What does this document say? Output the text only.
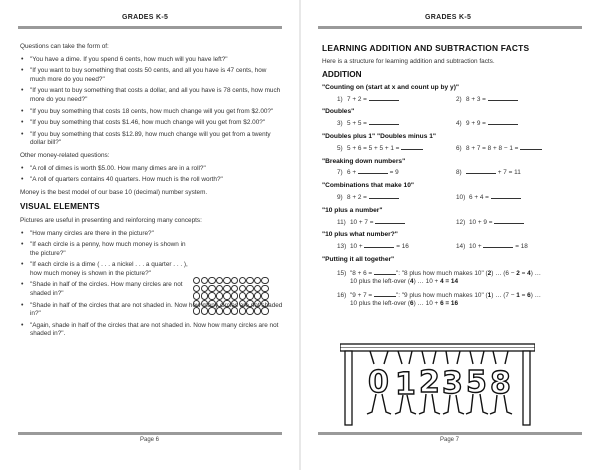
GRADES K-5

Questions can take the form of:

• "You have a dime. If you spend 6 cents, how much will you have left?"
• "If you want to buy something that costs 50 cents, and all you have is 47 cents, how much more do you need?"
• "If you want to buy something that costs a dollar, and all you have is 78 cents, how much more do you need?"
• "If you buy something that costs 18 cents, how much change will you get from $2.00?"
• "If you buy something that costs $1.46, how much change will you get from $2.00?"
• "If you buy something that costs $12.89, how much change will you get from a twenty dollar bill?"

Other money-related questions:

• "A roll of dimes is worth $5.00. How many dimes are in a roll?"
• "A roll of quarters contains 40 quarters. How much is the roll worth?"

Money is the best model of our base 10 (decimal) number system.

VISUAL ELEMENTS

Pictures are useful in presenting and reinforcing many concepts:

• "How many circles are there in the picture?"
• "If each circle is a penny, how much money is shown in the picture?"
• "If each circle is a dime ( . . . a nickel . . . a quarter . . . ), how much money is shown in the picture?"
• "Shade in half of the circles. How many circles are not shaded in?"
• "Shade in half of the circles that are not shaded in. Now how many circles are not shaded in?"
• "Again, shade in half of the circles that are not shaded in. Now how many circles are not shaded in?".
Page 6
GRADES K-5
Page 7
LEARNING ADDITION AND SUBTRACTION FACTS
Here is a structure for learning addition and subtraction facts.
ADDITION
"Counting on (start at x and count up by y)"
1) 7 + 2 =	2) 8 + 3 =
"Doubles"
3) 5 + 5 =	4) 9 + 9 =
"Doubles plus 1" "Doubles minus 1"
5) 5 + 6 = 5 + 5 + 1 =	6) 8 + 7 = 8 + 8 − 1 =
"Breaking down numbers"
7) 6 +	= 9	8)	+ 7 = 11
"Combinations that make 10"
9) 8 + 2 =	10) 6 + 4 =
"10 plus a number"
11) 10 + 7 =	12) 10 + 9 =
"10 plus what number?"
13) 10 +	= 16	14) 10 +	= 18
"Putting it all together"
15) "8 + 6 =	": "8 plus how much makes 10" (2) … (6 − 2 = 4) …
10 plus the left-over (4) … 10 + 4 = 14
16) "9 + 7 =	": "9 plus how much makes 10" (1) … (7 − 1 = 6) …
10 plus the left-over (6) … 10 + 6 = 16
0 1 2 3 5 8
